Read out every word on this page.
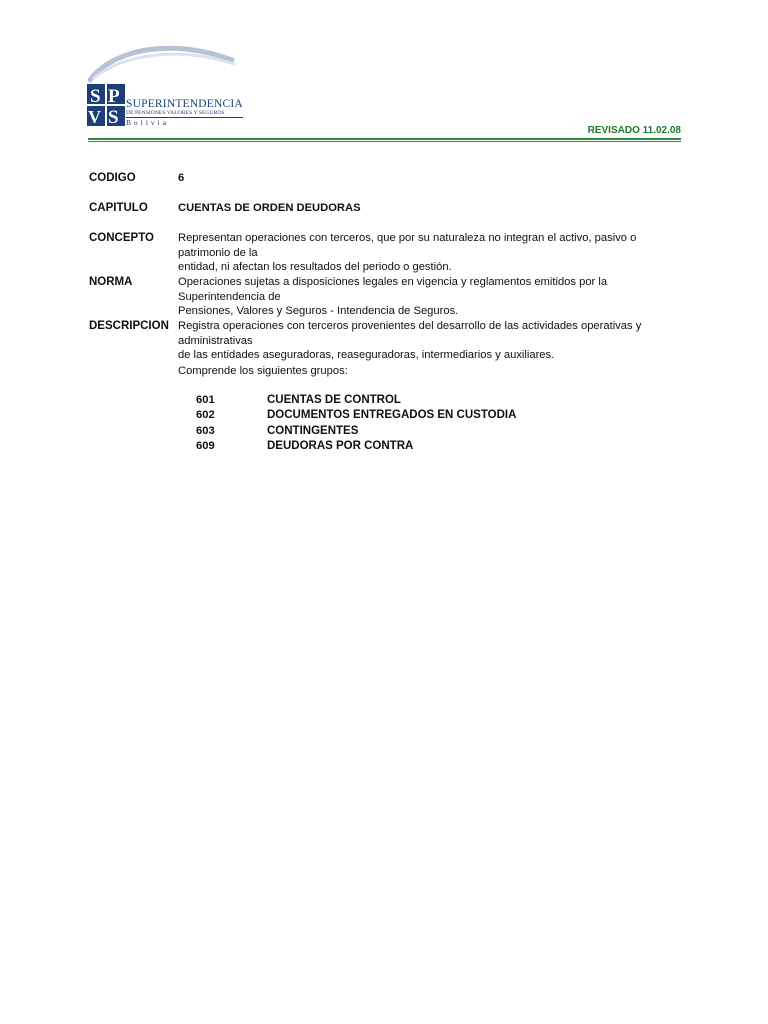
S P
V S
SUPERINTENDENCIA
DE PENSIONES VALORES Y SEGUROS
Bolivia
REVISADO 11.02.08
CODIGO	6
CAPITULO	CUENTAS DE ORDEN DEUDORAS
CONCEPTO Representan operaciones con terceros, que por su naturaleza no integran el activo, pasivo o patrimonio de la
entidad, ni afectan los resultados del periodo o gestión.
NORMA	Operaciones sujetas a disposiciones legales en vigencia y reglamentos emitidos por la Superintendencia de
Pensiones, Valores y Seguros - Intendencia de Seguros.
DESCRIPCION Registra operaciones con terceros provenientes del desarrollo de las actividades operativas y administrativas
de las entidades aseguradoras, reaseguradoras, intermediarios y auxiliares.
Comprende los siguientes grupos:
601	CUENTAS DE CONTROL
602	DOCUMENTOS ENTREGADOS EN CUSTODIA
603	CONTINGENTES
609	DEUDORAS POR CONTRA
